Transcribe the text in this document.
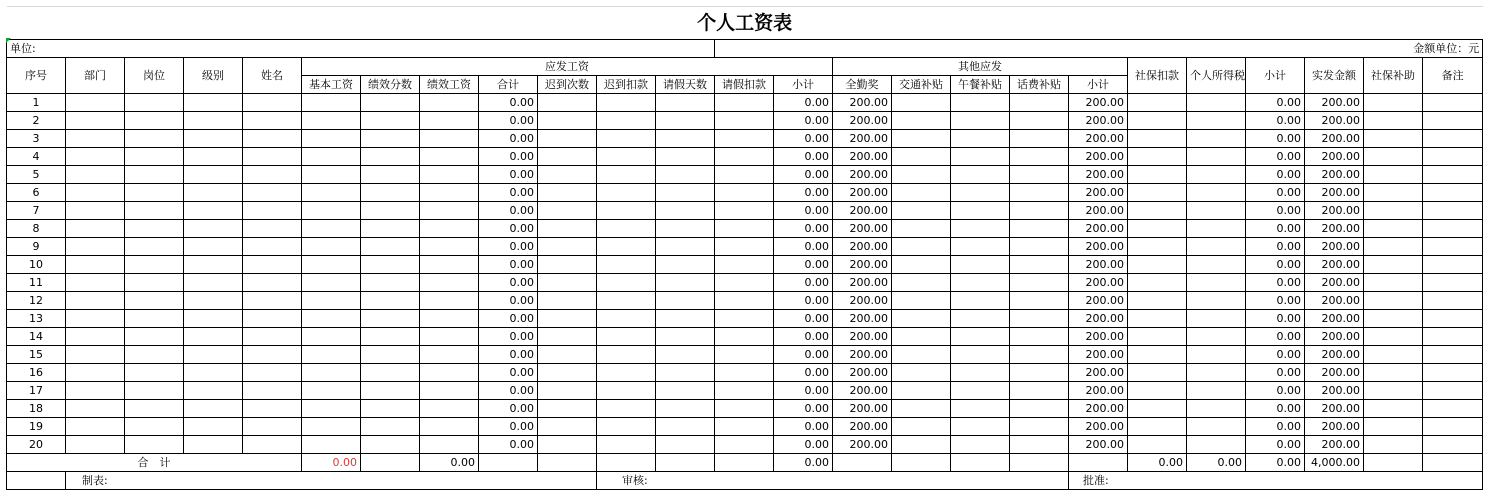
个人工资表																								
单位:												金额单位：元												
序号	部门	岗位	级别	姓名	应发工资									其他应发					社保扣款	个人所得税	小计	实发金额	社保补助	备注
					基本工资	绩效分数	绩效工资	合计	迟到次数	迟到扣款	请假天数	请假扣款	小计	全勤奖	交通补贴	午餐补贴	话费补贴	小计						
1								0.00					0.00	200.00				200.00			0.00	200.00		
2								0.00					0.00	200.00				200.00			0.00	200.00		
3								0.00					0.00	200.00				200.00			0.00	200.00		
4								0.00					0.00	200.00				200.00			0.00	200.00		
5								0.00					0.00	200.00				200.00			0.00	200.00		
6								0.00					0.00	200.00				200.00			0.00	200.00		
7								0.00					0.00	200.00				200.00			0.00	200.00		
8								0.00					0.00	200.00				200.00			0.00	200.00		
9								0.00					0.00	200.00				200.00			0.00	200.00		
10								0.00					0.00	200.00				200.00			0.00	200.00		
11								0.00					0.00	200.00				200.00			0.00	200.00		
12								0.00					0.00	200.00				200.00			0.00	200.00		
13								0.00					0.00	200.00				200.00			0.00	200.00		
14								0.00					0.00	200.00				200.00			0.00	200.00		
15								0.00					0.00	200.00				200.00			0.00	200.00		
16								0.00					0.00	200.00				200.00			0.00	200.00		
17								0.00					0.00	200.00				200.00			0.00	200.00		
18								0.00					0.00	200.00				200.00			0.00	200.00		
19								0.00					0.00	200.00				200.00			0.00	200.00		
20								0.00					0.00	200.00				200.00			0.00	200.00		
合　计					0.00		0.00						0.00						0.00	0.00	0.00	4,000.00		
	制表:									审核:								批准:						
